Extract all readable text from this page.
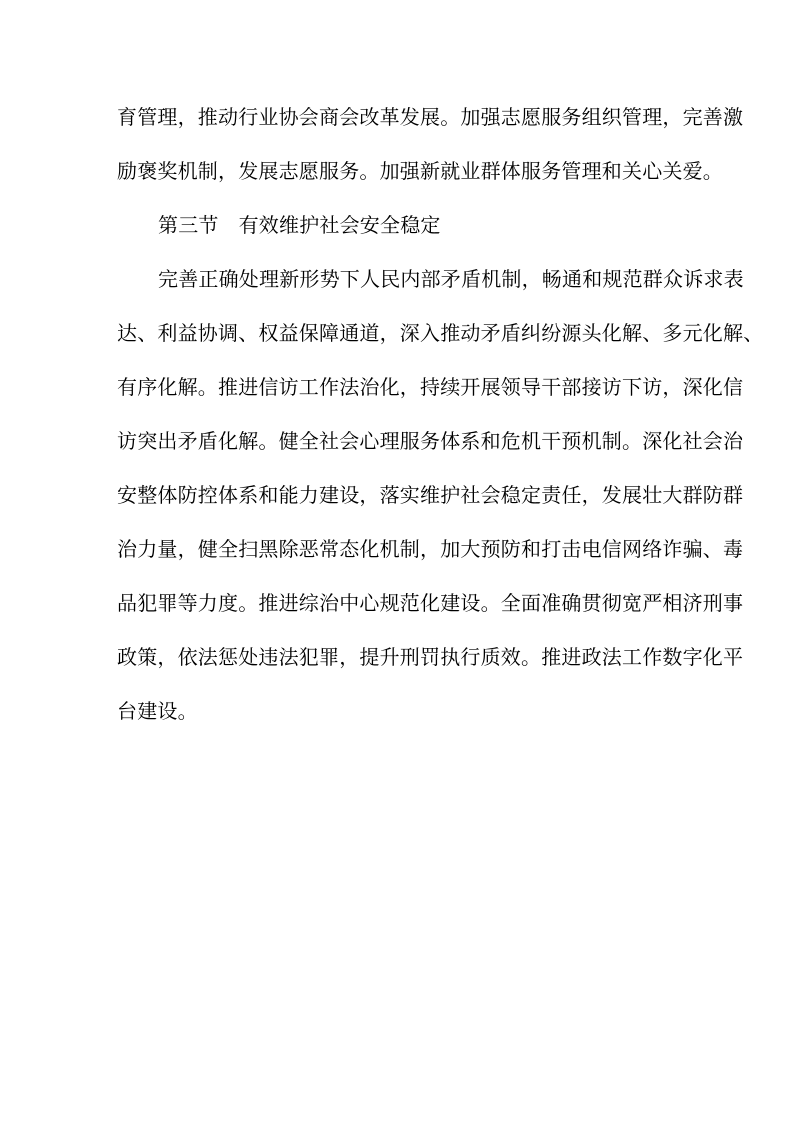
育管理，推动行业协会商会改革发展。加强志愿服务组织管理，完善激
励褒奖机制，发展志愿服务。加强新就业群体服务管理和关心关爱。
第三节 有效维护社会安全稳定
完善正确处理新形势下人民内部矛盾机制，畅通和规范群众诉求表
达、利益协调、权益保障通道，深入推动矛盾纠纷源头化解、多元化解、
有序化解。推进信访工作法治化，持续开展领导干部接访下访，深化信
访突出矛盾化解。健全社会心理服务体系和危机干预机制。深化社会治
安整体防控体系和能力建设，落实维护社会稳定责任，发展壮大群防群
治力量，健全扫黑除恶常态化机制，加大预防和打击电信网络诈骗、毒
品犯罪等力度。推进综治中心规范化建设。全面准确贯彻宽严相济刑事
政策，依法惩处违法犯罪，提升刑罚执行质效。推进政法工作数字化平
台建设。
